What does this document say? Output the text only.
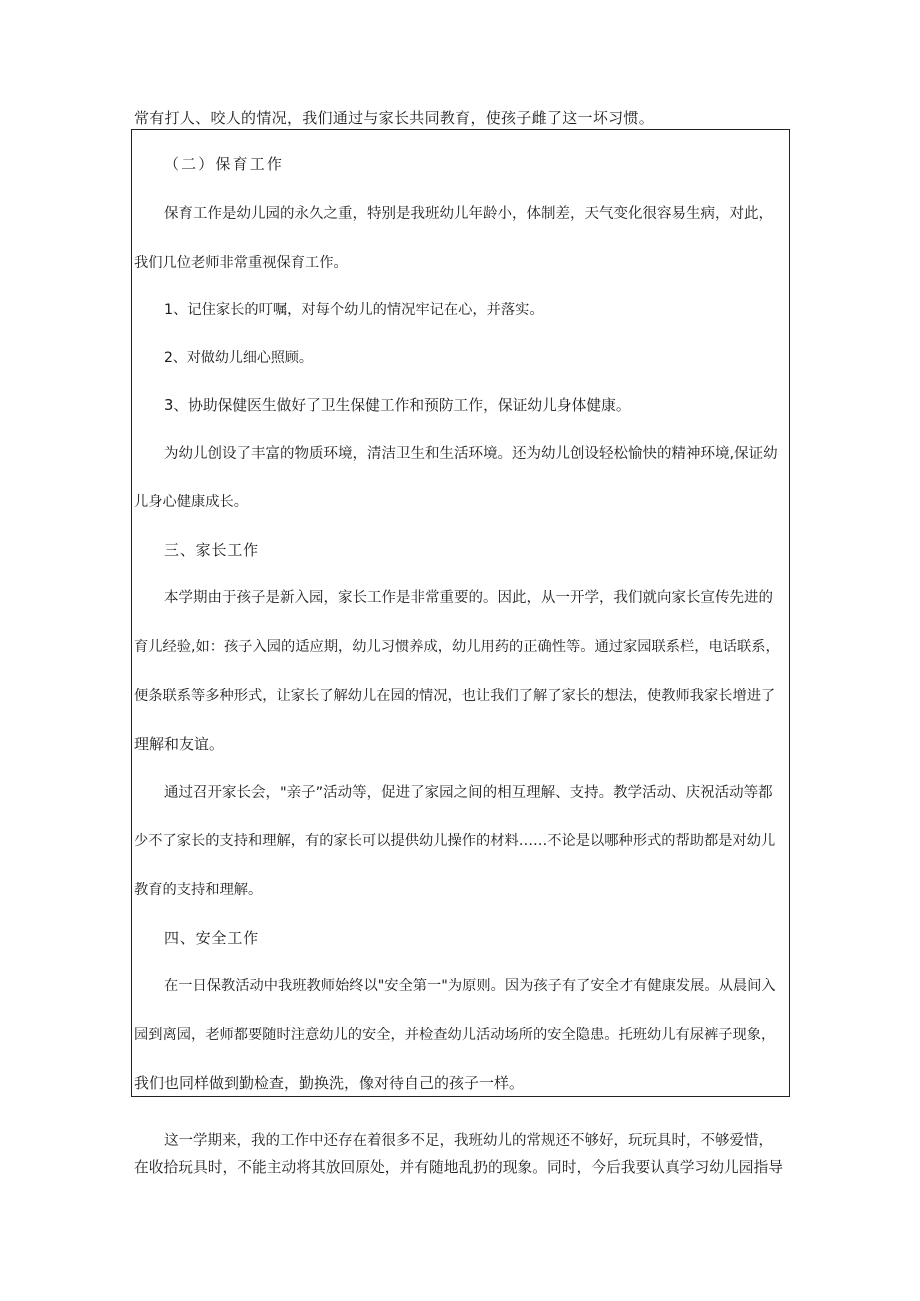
常有打人、咬人的情况，我们通过与家长共同教育，使孩子雌了这一坏习惯。

（二）保育工作

保育工作是幼儿园的永久之重，特别是我班幼儿年龄小，体制差，天气变化很容易生病，对此，

我们几位老师非常重视保育工作。

1、记住家长的叮嘱，对每个幼儿的情况牢记在心，并落实。

2、对做幼儿细心照顾。

3、协助保健医生做好了卫生保健工作和预防工作，保证幼儿身体健康。

为幼儿创设了丰富的物质环境，清洁卫生和生活环境。还为幼儿创设轻松愉快的精神环境,保证幼

儿身心健康成长。

三、家长工作

本学期由于孩子是新入园，家长工作是非常重要的。因此，从一开学，我们就向家长宣传先进的

育儿经验,如：孩子入园的适应期，幼儿习惯养成，幼儿用药的正确性等。通过家园联系栏，电话联系，

便条联系等多种形式，让家长了解幼儿在园的情况，也让我们了解了家长的想法，使教师我家长增进了

理解和友谊。

通过召开家长会，"亲子”活动等，促进了家园之间的相互理解、支持。教学活动、庆祝活动等都

少不了家长的支持和理解，有的家长可以提供幼儿操作的材料……不论是以哪种形式的帮助都是对幼儿

教育的支持和理解。

四、安全工作

在一日保教活动中我班教师始终以"安全第一"为原则。因为孩子有了安全才有健康发展。从晨间入

园到离园，老师都要随时注意幼儿的安全，并检查幼儿活动场所的安全隐患。托班幼儿有尿裤子现象，

我们也同样做到勤检查，勤换洗，像对待自己的孩子一样。

这一学期来，我的工作中还存在着很多不足，我班幼儿的常规还不够好，玩玩具时，不够爱惜，

在收拾玩具时，不能主动将其放回原处，并有随地乱扔的现象。同时，今后我要认真学习幼儿园指导
